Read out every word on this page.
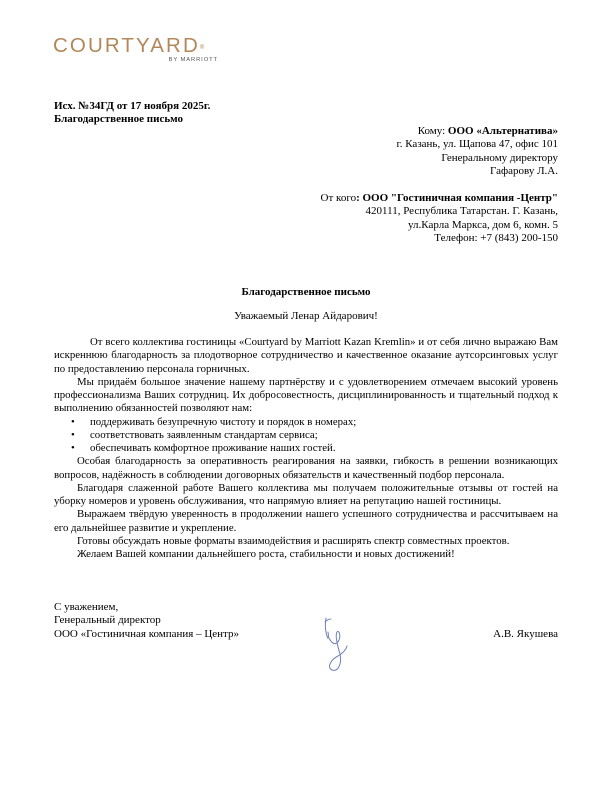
COURTYARD®
BY MARRIOTT
Исх. №34ГД от 17 ноября 2025г.
Благодарственное письмо
Кому: ООО «Альтернатива»
г. Казань, ул. Щапова 47, офис 101
Генеральному директору
Гафарову Л.А.
От кого: ООО "Гостиничная компания -Центр"
420111, Республика Татарстан. Г. Казань,
ул.Карла Маркса, дом 6, комн. 5
Телефон: +7 (843) 200-150
Благодарственное письмо
Уважаемый Ленар Айдарович!

От всего коллектива гостиницы «Courtyard by Marriott Kazan Kremlin» и от себя лично выражаю Вам искреннюю благодарность за плодотворное сотрудничество и качественное оказание аутсорсинговых услуг по предоставлению персонала горничных.

Мы придаём большое значение нашему партнёрству и с удовлетворением отмечаем высокий уровень профессионализма Ваших сотрудниц. Их добросовестность, дисциплинированность и тщательный подход к выполнению обязанностей позволяют нам:

• поддерживать безупречную чистоту и порядок в номерах;
• соответствовать заявленным стандартам сервиса;
• обеспечивать комфортное проживание наших гостей.

Особая благодарность за оперативность реагирования на заявки, гибкость в решении возникающих вопросов, надёжность в соблюдении договорных обязательств и качественный подбор персонала.

Благодаря слаженной работе Вашего коллектива мы получаем положительные отзывы от гостей на уборку номеров и уровень обслуживания, что напрямую влияет на репутацию нашей гостиницы.

Выражаем твёрдую уверенность в продолжении нашего успешного сотрудничества и рассчитываем на его дальнейшее развитие и укрепление.

Готовы обсуждать новые форматы взаимодействия и расширять спектр совместных проектов.

Желаем Вашей компании дальнейшего роста, стабильности и новых достижений!

С уважением,
Генеральный директор
ООО «Гостиничная компания – Центр»	А.В. Якушева
